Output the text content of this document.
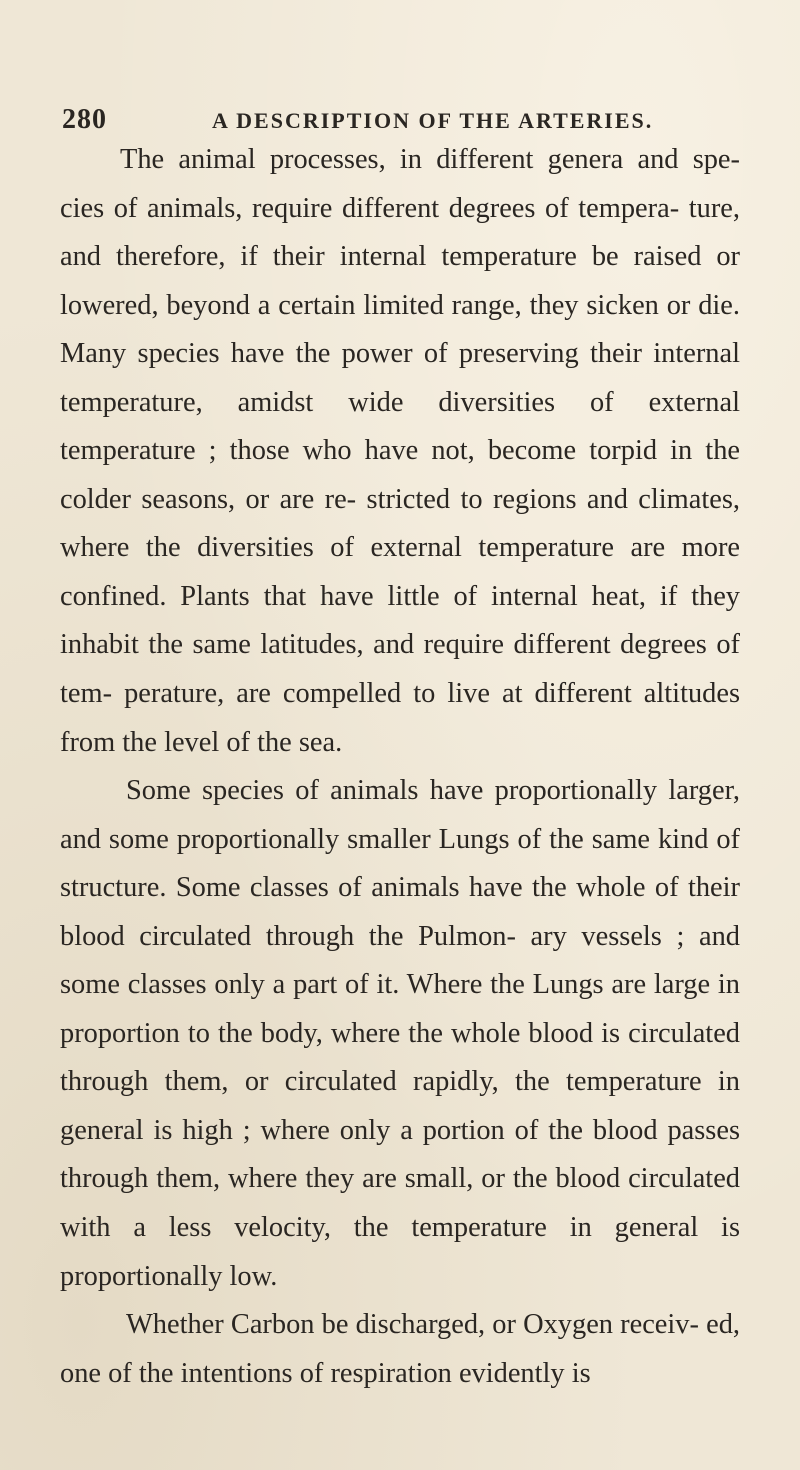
280	A DESCRIPTION OF THE ARTERIES.

The animal processes, in different genera and spe‐ cies of animals, require different degrees of tempera‐ ture, and therefore, if their internal temperature be raised or lowered, beyond a certain limited range, they sicken or die. Many species have the power of preserving their internal temperature, amidst wide diversities of external temperature ; those who have not, become torpid in the colder seasons, or are re‐ stricted to regions and climates, where the diversities of external temperature are more confined. Plants that have little of internal heat, if they inhabit the same latitudes, and require different degrees of tem‐ perature, are compelled to live at different altitudes from the level of the sea.

Some species of animals have proportionally larger, and some proportionally smaller Lungs of the same kind of structure. Some classes of animals have the whole of their blood circulated through the Pulmon‐ ary vessels ; and some classes only a part of it. Where the Lungs are large in proportion to the body, where the whole blood is circulated through them, or circulated rapidly, the temperature in general is high ; where only a portion of the blood passes through them, where they are small, or the blood circulated with a less velocity, the temperature in general is proportionally low.

Whether Carbon be discharged, or Oxygen receiv‐ ed, one of the intentions of respiration evidently is
